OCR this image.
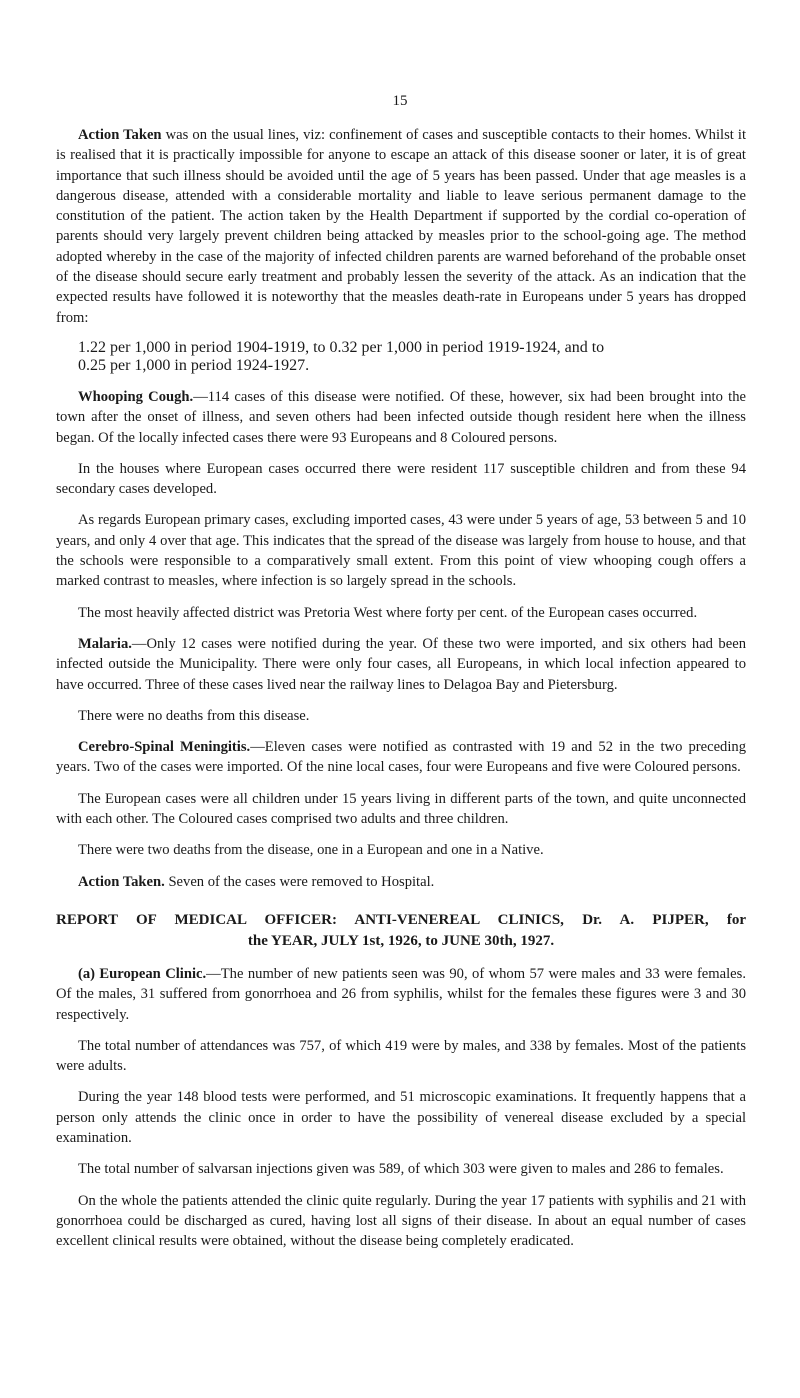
15

Action Taken was on the usual lines, viz: confinement of cases and susceptible contacts to their homes. Whilst it is realised that it is practically impossible for anyone to escape an attack of this disease sooner or later, it is of great importance that such illness should be avoided until the age of 5 years has been passed. Under that age measles is a dangerous disease, attended with a considerable mortality and liable to leave serious permanent damage to the constitution of the patient. The action taken by the Health Department if supported by the cordial co-operation of parents should very largely prevent children being attacked by measles prior to the school-going age. The method adopted whereby in the case of the majority of infected children parents are warned beforehand of the probable onset of the disease should secure early treatment and probably lessen the severity of the attack. As an indication that the expected results have followed it is noteworthy that the measles death-rate in Europeans under 5 years has dropped from:

1.22 per 1,000 in period 1904-1919, to 0.32 per 1,000 in period 1919-1924, and to
0.25 per 1,000 in period 1924-1927.

Whooping Cough.—114 cases of this disease were notified. Of these, however, six had been brought into the town after the onset of illness, and seven others had been infected outside though resident here when the illness began. Of the locally infected cases there were 93 Europeans and 8 Coloured persons.

In the houses where European cases occurred there were resident 117 susceptible children and from these 94 secondary cases developed.

As regards European primary cases, excluding imported cases, 43 were under 5 years of age, 53 between 5 and 10 years, and only 4 over that age. This indicates that the spread of the disease was largely from house to house, and that the schools were responsible to a comparatively small extent. From this point of view whooping cough offers a marked contrast to measles, where infection is so largely spread in the schools.

The most heavily affected district was Pretoria West where forty per cent. of the European cases occurred.

Malaria.—Only 12 cases were notified during the year. Of these two were imported, and six others had been infected outside the Municipality. There were only four cases, all Europeans, in which local infection appeared to have occurred. Three of these cases lived near the railway lines to Delagoa Bay and Pietersburg.

There were no deaths from this disease.

Cerebro-Spinal Meningitis.—Eleven cases were notified as contrasted with 19 and 52 in the two preceding years. Two of the cases were imported. Of the nine local cases, four were Europeans and five were Coloured persons.

The European cases were all children under 15 years living in different parts of the town, and quite unconnected with each other. The Coloured cases comprised two adults and three children.

There were two deaths from the disease, one in a European and one in a Native.

Action Taken. Seven of the cases were removed to Hospital.

REPORT OF MEDICAL OFFICER: ANTI-VENEREAL CLINICS, Dr. A. PIJPER, for
the YEAR, JULY 1st, 1926, to JUNE 30th, 1927.

(a) European Clinic.—The number of new patients seen was 90, of whom 57 were males and 33 were females. Of the males, 31 suffered from gonorrhoea and 26 from syphilis, whilst for the females these figures were 3 and 30 respectively.

The total number of attendances was 757, of which 419 were by males, and 338 by females. Most of the patients were adults.

During the year 148 blood tests were performed, and 51 microscopic examinations. It frequently happens that a person only attends the clinic once in order to have the possibility of venereal disease excluded by a special examination.

The total number of salvarsan injections given was 589, of which 303 were given to males and 286 to females.

On the whole the patients attended the clinic quite regularly. During the year 17 patients with syphilis and 21 with gonorrhoea could be discharged as cured, having lost all signs of their disease. In about an equal number of cases excellent clinical results were obtained, without the disease being completely eradicated.
